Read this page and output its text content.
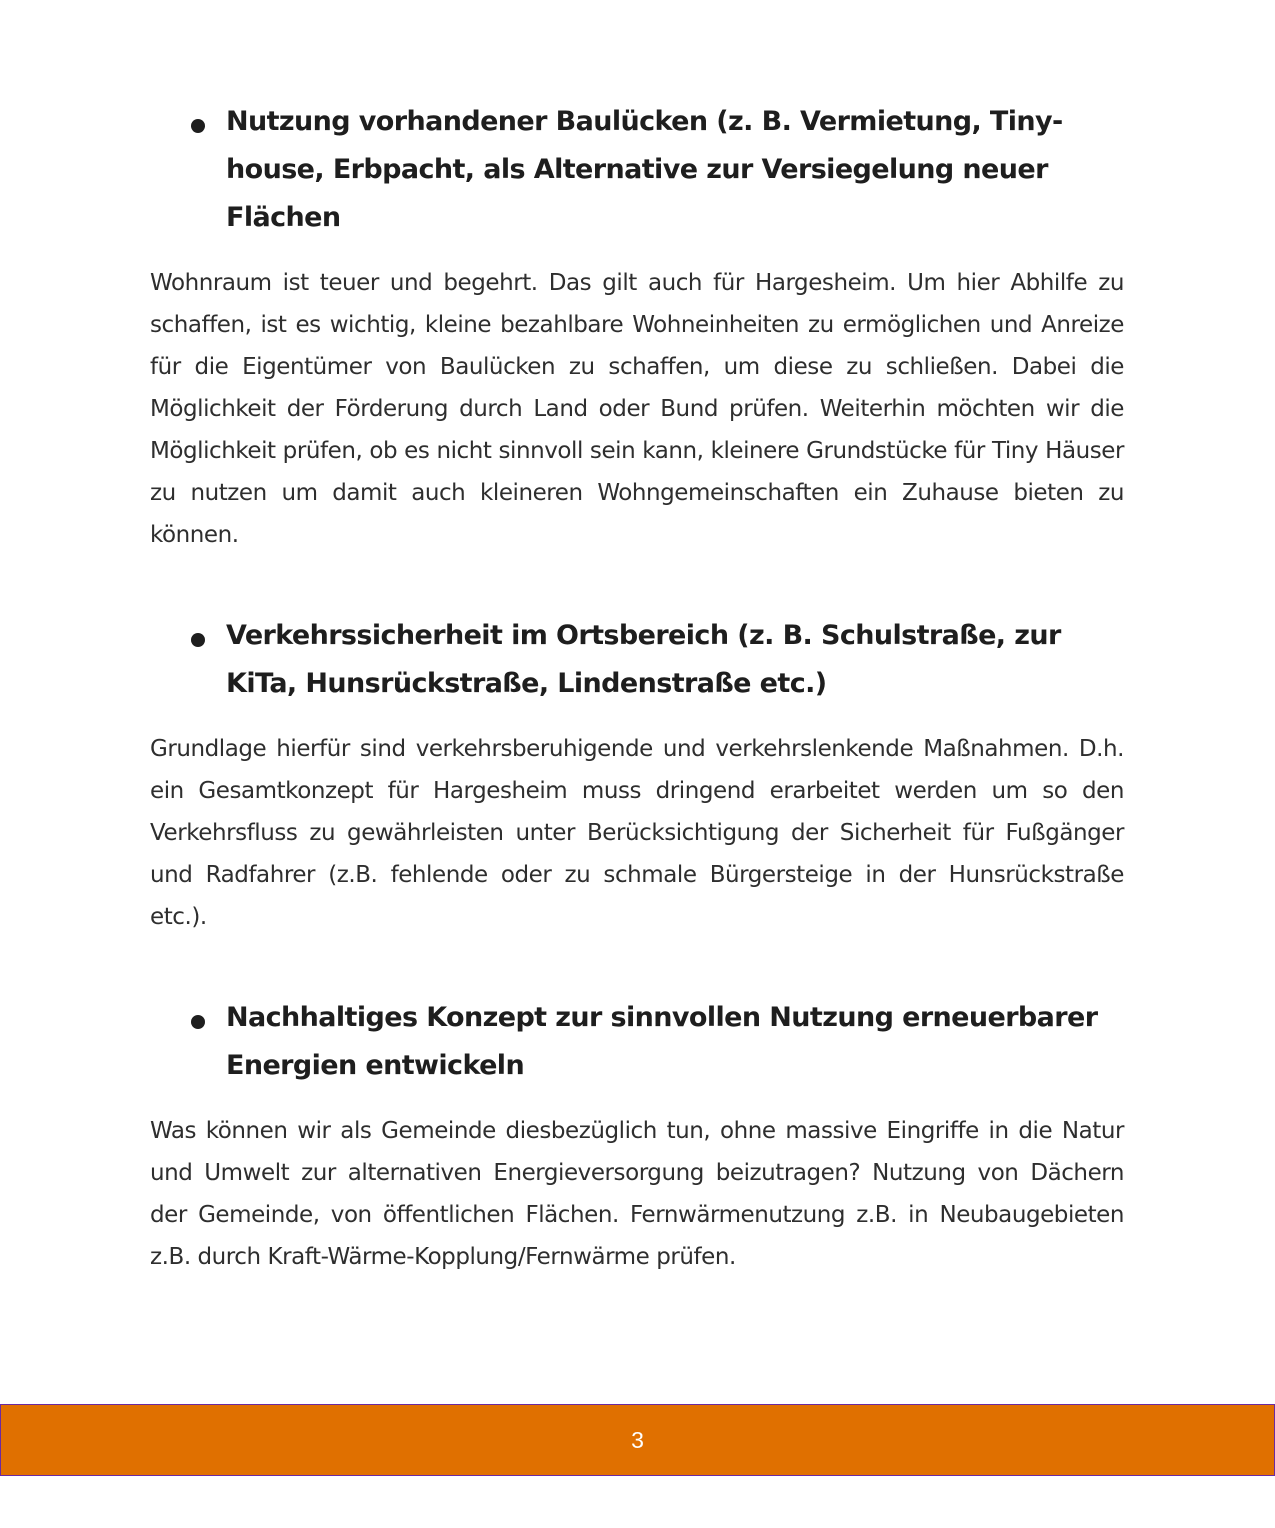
Nutzung vorhandener Baulücken (z. B. Vermietung, Tiny-house, Erbpacht, als Alternative zur Versiegelung neuer Flächen

Wohnraum ist teuer und begehrt. Das gilt auch für Hargesheim. Um hier Abhilfe zu schaffen, ist es wichtig, kleine bezahlbare Wohneinheiten zu ermöglichen und Anreize für die Eigentümer von Baulücken zu schaffen, um diese zu schließen. Dabei die Möglichkeit der Förderung durch Land oder Bund prüfen. Weiterhin möchten wir die Möglichkeit prüfen, ob es nicht sinnvoll sein kann, kleinere Grundstücke für Tiny Häuser zu nutzen um damit auch kleineren Wohngemeinschaften ein Zuhause bieten zu können.

Verkehrssicherheit im Ortsbereich (z. B. Schulstraße, zur KiTa, Hunsrückstraße, Lindenstraße etc.)

Grundlage hierfür sind verkehrsberuhigende und verkehrslenkende Maßnahmen. D.h. ein Gesamtkonzept für Hargesheim muss dringend erarbeitet werden um so den Verkehrsfluss zu gewährleisten unter Berücksichtigung der Sicherheit für Fußgänger und Radfahrer (z.B. fehlende oder zu schmale Bürgersteige in der Hunsrückstraße etc.).

Nachhaltiges Konzept zur sinnvollen Nutzung erneuerbarer Energien entwickeln

Was können wir als Gemeinde diesbezüglich tun, ohne massive Eingriffe in die Natur und Umwelt zur alternativen Energieversorgung beizutragen? Nutzung von Dächern der Gemeinde, von öffentlichen Flächen. Fernwärmenutzung z.B. in Neubaugebieten z.B. durch Kraft-Wärme-Kopplung/Fernwärme prüfen.

3
